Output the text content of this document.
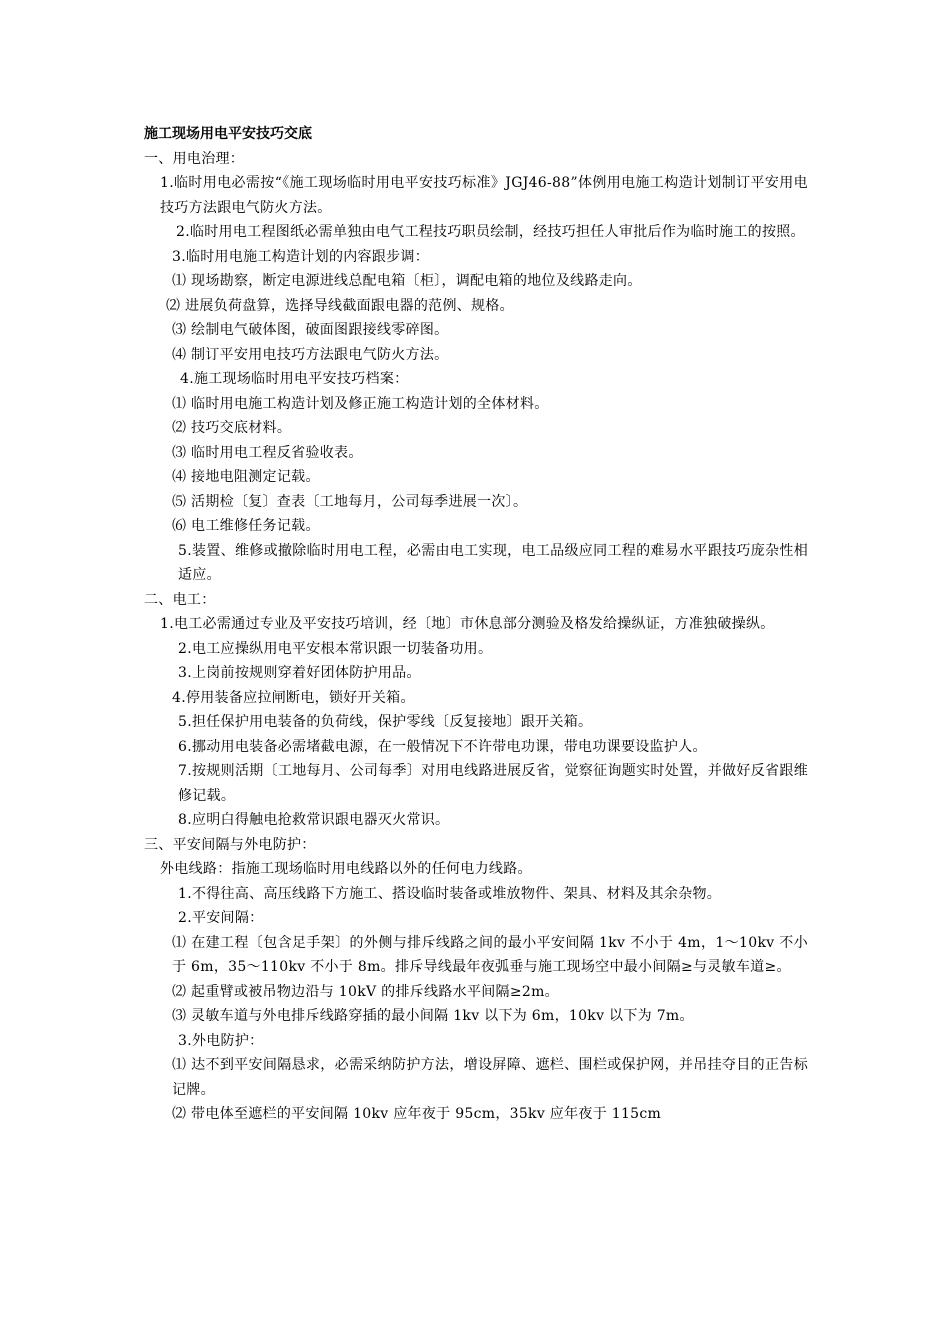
施工现场用电平安技巧交底

一、用电治理：

1.临时用电必需按“《施工现场临时用电平安技巧标准》JGJ46-88”体例用电施工构造计划制订平安用电技巧方法跟电气防火方法。

2.临时用电工程图纸必需单独由电气工程技巧职员绘制，经技巧担任人审批后作为临时施工的按照。

3.临时用电施工构造计划的内容跟步调：

⑴ 现场勘察，断定电源进线总配电箱〔柜〕，调配电箱的地位及线路走向。

⑵ 进展负荷盘算，选择导线截面跟电器的范例、规格。

⑶ 绘制电气破体图，破面图跟接线零碎图。

⑷ 制订平安用电技巧方法跟电气防火方法。

4.施工现场临时用电平安技巧档案：

⑴ 临时用电施工构造计划及修正施工构造计划的全体材料。

⑵ 技巧交底材料。

⑶ 临时用电工程反省验收表。

⑷ 接地电阻测定记载。

⑸ 活期检〔复〕查表〔工地每月，公司每季进展一次〕。

⑹ 电工维修任务记载。

5.装置、维修或撤除临时用电工程，必需由电工实现，电工品级应同工程的难易水平跟技巧庞杂性相适应。

二、电工：

1.电工必需通过专业及平安技巧培训，经〔地〕市休息部分测验及格发给操纵证，方准独破操纵。

2.电工应操纵用电平安根本常识跟一切装备功用。

3.上岗前按规则穿着好团体防护用品。

4.停用装备应拉闸断电，锁好开关箱。

5.担任保护用电装备的负荷线，保护零线〔反复接地〕跟开关箱。

6.挪动用电装备必需堵截电源，在一般情况下不许带电功课，带电功课要设监护人。

7.按规则活期〔工地每月、公司每季〕对用电线路进展反省，觉察征询题实时处置，并做好反省跟维修记载。

8.应明白得触电抢救常识跟电器灭火常识。

三、平安间隔与外电防护：

外电线路：指施工现场临时用电线路以外的任何电力线路。

1.不得往高、高压线路下方施工、搭设临时装备或堆放物件、架具、材料及其余杂物。

2.平安间隔：

⑴ 在建工程〔包含足手架〕的外侧与排斥线路之间的最小平安间隔 1kv 不小于 4m，1～10kv 不小于 6m，35～110kv 不小于 8m。排斥导线最年夜弧垂与施工现场空中最小间隔≥与灵敏车道≥。

⑵ 起重臂或被吊物边沿与 10kV 的排斥线路水平间隔≥2m。

⑶ 灵敏车道与外电排斥线路穿插的最小间隔 1kv 以下为 6m，10kv 以下为 7m。

3.外电防护：

⑴ 达不到平安间隔恳求，必需采纳防护方法，增设屏障、遮栏、围栏或保护网，并吊挂夺目的正告标记牌。

⑵ 带电体至遮栏的平安间隔 10kv 应年夜于 95cm，35kv 应年夜于 115cm
